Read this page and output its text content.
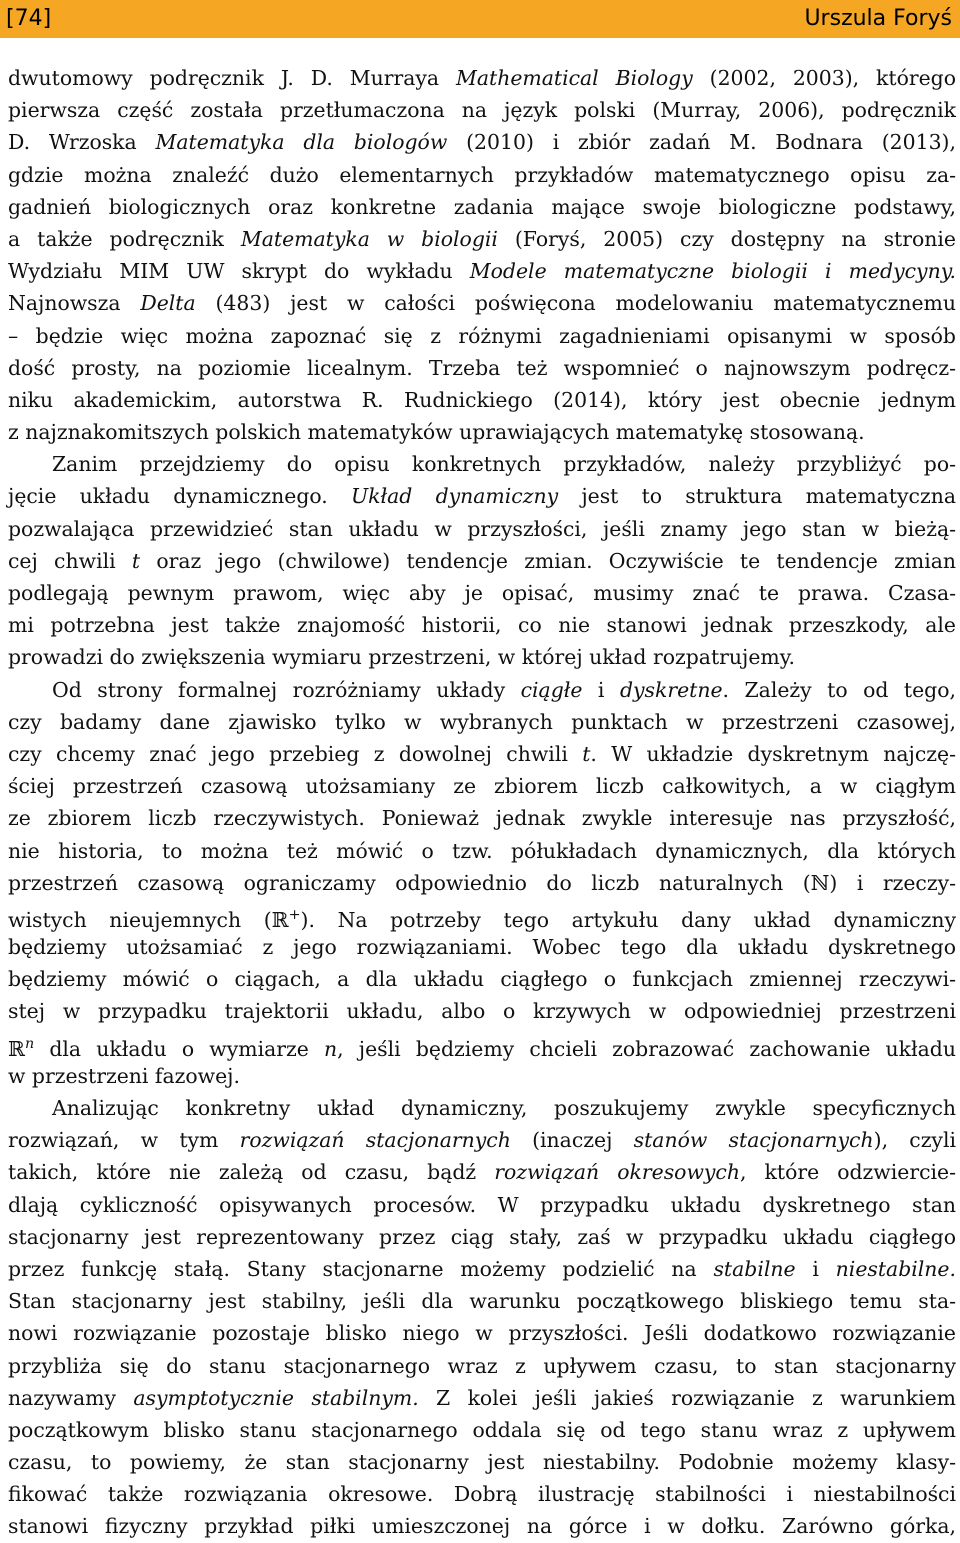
[74]	Urszula Foryś
dwutomowy podręcznik J. D. Murraya Mathematical Biology (2002, 2003), którego
pierwsza część została przetłumaczona na język polski (Murray, 2006), podręcznik
D. Wrzoska Matematyka dla biologów (2010) i zbiór zadań M. Bodnara (2013),
gdzie można znaleźć dużo elementarnych przykładów matematycznego opisu za-
gadnień biologicznych oraz konkretne zadania mające swoje biologiczne podstawy,
a także podręcznik Matematyka w biologii (Foryś, 2005) czy dostępny na stronie
Wydziału MIM UW skrypt do wykładu Modele matematyczne biologii i medycyny.
Najnowsza Delta (483) jest w całości poświęcona modelowaniu matematycznemu
– będzie więc można zapoznać się z różnymi zagadnieniami opisanymi w sposób
dość prosty, na poziomie licealnym. Trzeba też wspomnieć o najnowszym podręcz-
niku akademickim, autorstwa R. Rudnickiego (2014), który jest obecnie jednym
z najznakomitszych polskich matematyków uprawiających matematykę stosowaną.
Zanim przejdziemy do opisu konkretnych przykładów, należy przybliżyć po-
jęcie układu dynamicznego. Układ dynamiczny jest to struktura matematyczna
pozwalająca przewidzieć stan układu w przyszłości, jeśli znamy jego stan w bieżą-
cej chwili t oraz jego (chwilowe) tendencje zmian. Oczywiście te tendencje zmian
podlegają pewnym prawom, więc aby je opisać, musimy znać te prawa. Czasa-
mi potrzebna jest także znajomość historii, co nie stanowi jednak przeszkody, ale
prowadzi do zwiększenia wymiaru przestrzeni, w której układ rozpatrujemy.
Od strony formalnej rozróżniamy układy ciągłe i dyskretne. Zależy to od tego,
czy badamy dane zjawisko tylko w wybranych punktach w przestrzeni czasowej,
czy chcemy znać jego przebieg z dowolnej chwili t. W układzie dyskretnym najczę-
ściej przestrzeń czasową utożsamiany ze zbiorem liczb całkowitych, a w ciągłym
ze zbiorem liczb rzeczywistych. Ponieważ jednak zwykle interesuje nas przyszłość,
nie historia, to można też mówić o tzw. półukładach dynamicznych, dla których
przestrzeń czasową ograniczamy odpowiednio do liczb naturalnych (ℕ) i rzeczy-
wistych nieujemnych (ℝ+). Na potrzeby tego artykułu dany układ dynamiczny
będziemy utożsamiać z jego rozwiązaniami. Wobec tego dla układu dyskretnego
będziemy mówić o ciągach, a dla układu ciągłego o funkcjach zmiennej rzeczywi-
stej w przypadku trajektorii układu, albo o krzywych w odpowiedniej przestrzeni
ℝ$^n$ dla układu o wymiarze n, jeśli będziemy chcieli zobrazować zachowanie układu
w przestrzeni fazowej.
Analizując konkretny układ dynamiczny, poszukujemy zwykle specyficznych
rozwiązań, w tym rozwiązań stacjonarnych (inaczej stanów stacjonarnych), czyli
takich, które nie zależą od czasu, bądź rozwiązań okresowych, które odzwiercie-
dlają cykliczność opisywanych procesów. W przypadku układu dyskretnego stan
stacjonarny jest reprezentowany przez ciąg stały, zaś w przypadku układu ciągłego
przez funkcję stałą. Stany stacjonarne możemy podzielić na stabilne i niestabilne.
Stan stacjonarny jest stabilny, jeśli dla warunku początkowego bliskiego temu sta-
nowi rozwiązanie pozostaje blisko niego w przyszłości. Jeśli dodatkowo rozwiązanie
przybliża się do stanu stacjonarnego wraz z upływem czasu, to stan stacjonarny
nazywamy asymptotycznie stabilnym. Z kolei jeśli jakieś rozwiązanie z warunkiem
początkowym blisko stanu stacjonarnego oddala się od tego stanu wraz z upływem
czasu, to powiemy, że stan stacjonarny jest niestabilny. Podobnie możemy klasy-
fikować także rozwiązania okresowe. Dobrą ilustrację stabilności i niestabilności
stanowi fizyczny przykład piłki umieszczonej na górce i w dołku. Zarówno górka,
